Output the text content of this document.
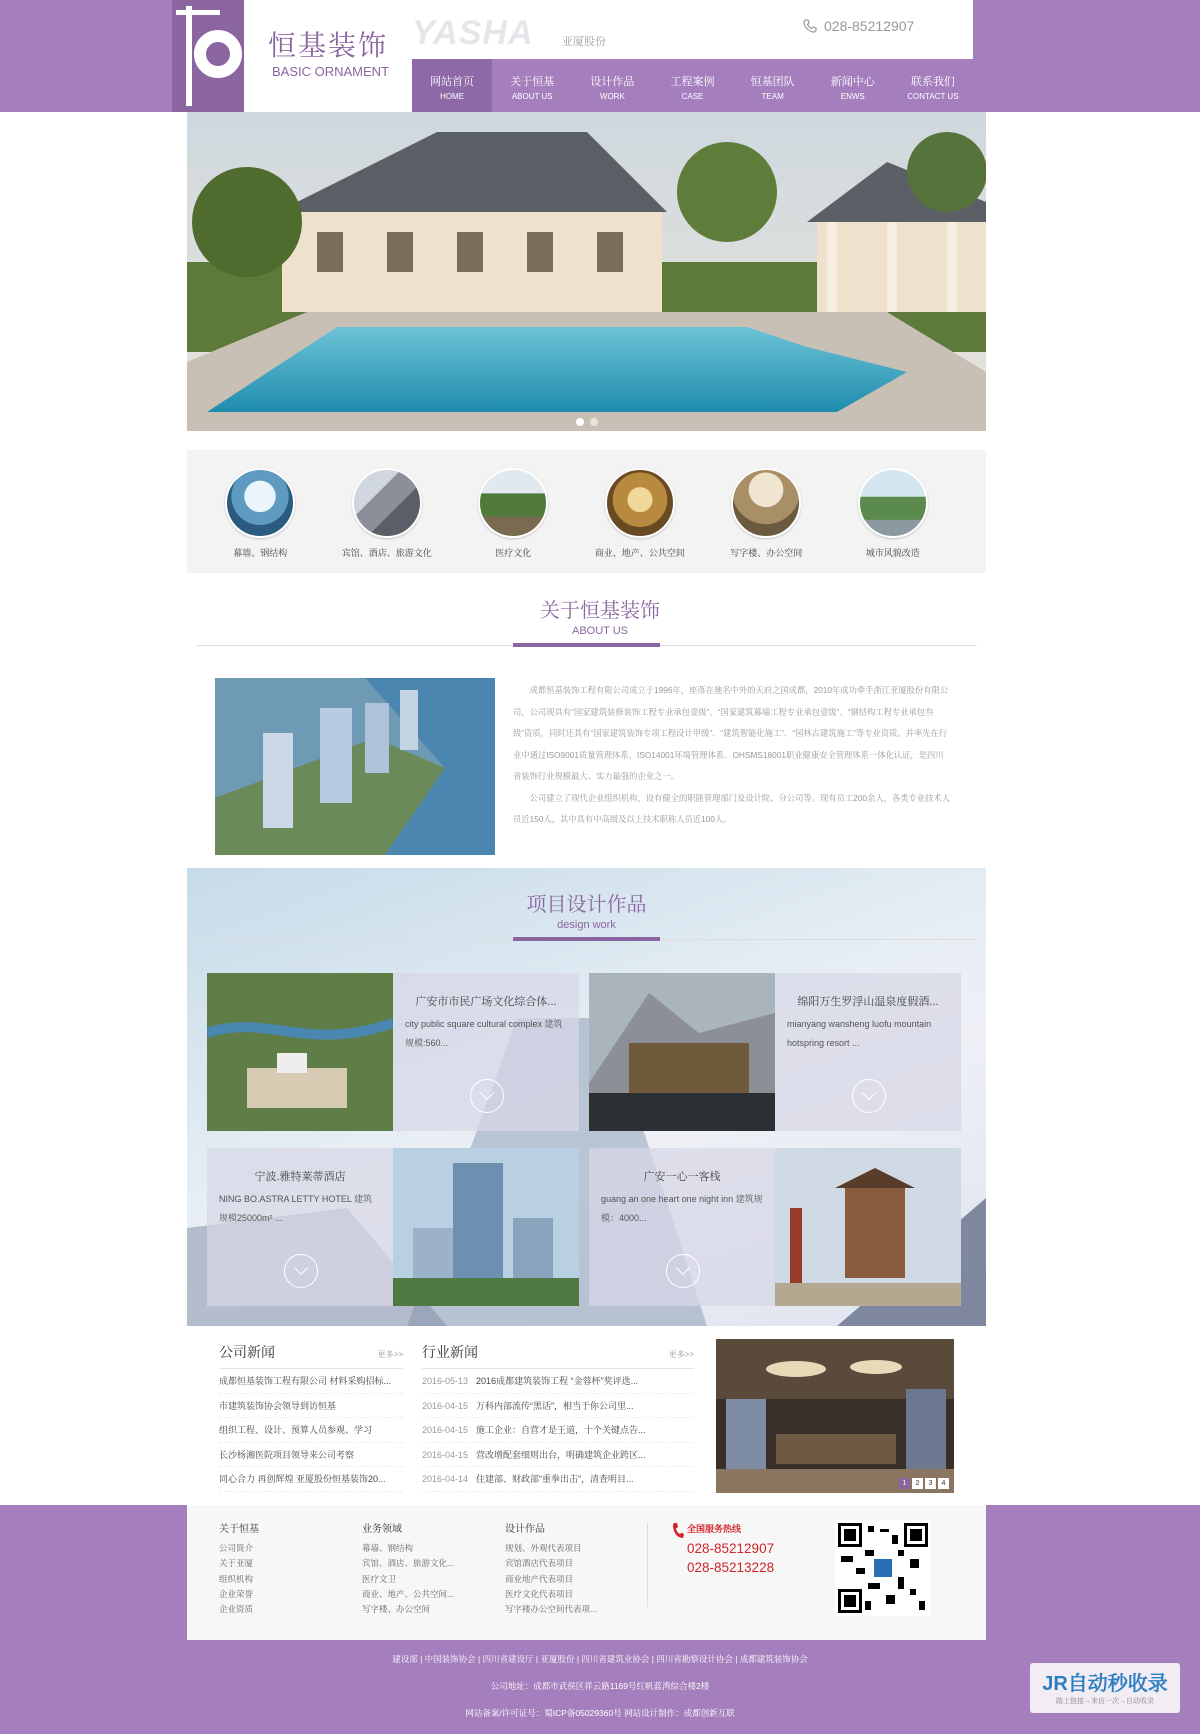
恒基装饰
BASIC ORNAMENT
YASHA	亚厦股份
028-85212907
网站首页
HOME
关于恒基
ABOUT US
设计作品
WORK
工程案例
CASE
恒基团队
TEAM
新闻中心
ENWS
联系我们
CONTACT US
幕墙、钢结构	宾馆、酒店、旅游文化	医疗文化	商业、地产、公共空间	写字楼、办公空间	城市风貌改造
关于恒基装饰
ABOUT US

成都恒基装饰工程有限公司成立于1996年，座落在驰名中外的天府之国成都，2010年成功牵手浙江亚厦股份有限公司，公司现具有“国家建筑装修装饰工程专业承包壹级”、“国家建筑幕墙工程专业承包壹级”、“钢结构工程专业承包叁级”资质，同时还具有“国家建筑装饰专项工程设计甲级”、“建筑智能化施工”、“园林古建筑施工”等专业资质。并率先在行业中通过ISO9001质量管理体系、ISO14001环境管理体系、OHSMS18001职业健康安全管理体系一体化认证，是四川省装饰行业规模最大、实力最强的企业之一。

公司建立了现代企业组织机构，设有健全的职能管理部门及设计院、分公司等。现有员工200余人，各类专业技术人员近150人，其中具有中高级及以上技术职称人员近100人。

项目设计作品
design work
广安市市民广场文化综合体...
city public square cultural complex 建筑规模:560...
绵阳万生罗浮山温泉度假酒...
mianyang wansheng luofu mountain hotspring resort ...
宁波.雅特莱蒂酒店
NING BO.ASTRA LETTY HOTEL 建筑规模25000m² ...
广安一心一客栈
guang an one heart one night inn 建筑规模：4000...
公司新闻	更多>>
成都恒基装饰工程有限公司 材料采购招标...
市建筑装饰协会领导到访恒基
组织工程、设计、预算人员参观、学习
长沙杨湘医院项目领导来公司考察
同心合力 再创辉煌 亚厦股份恒基装饰20...
行业新闻	更多>>
2016-05-13 2016成都建筑装饰工程 “金蓉杯”奖评选...
2016-04-15 万科内部流传“黑话”，相当于你公司里...
2016-04-15 施工企业：自营才是王道，十个关键点告...
2016-04-15 营改增配套细则出台，明确建筑企业跨区...
2016-04-14 住建部、财政部“重拳出击”，清查明目...	1	2	3	4
关于恒基
公司简介
关于亚厦
组织机构
企业荣誉
企业资质
业务领域
幕墙、钢结构
宾馆、酒店、旅游文化...
医疗文卫
商业、地产、公共空间...
写字楼、办公空间
设计作品
规划、外观代表项目
宾馆酒店代表项目
商业地产代表项目
医疗文化代表项目
写字楼办公空间代表项...
全国服务热线
028-85212907
028-85213228
建设部 | 中国装饰协会 | 四川省建设厅 | 亚厦股份 | 四川省建筑业协会 | 四川省勘察设计协会 | 成都建筑装饰协会
公司地址：成都市武侯区祥云路1169号红帆蓝湾综合楼2楼
网站备案/许可证号：蜀ICP备05029360号 网站设计制作：成都创新互联
JR自动秒收录
踏上链接→来访一次→自动收录
